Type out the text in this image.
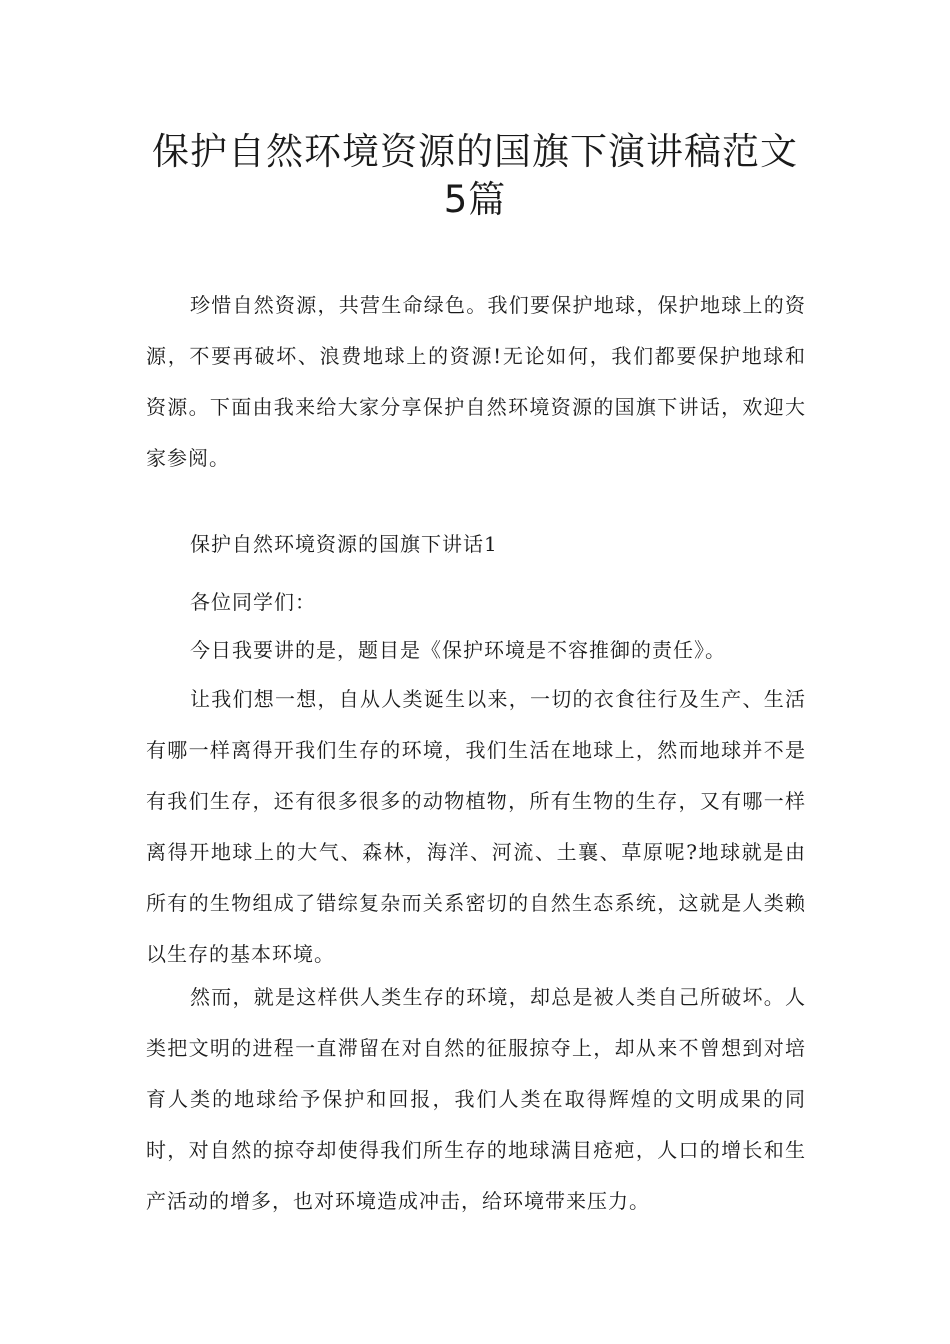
保护自然环境资源的国旗下演讲稿范文
5篇

珍惜自然资源，共营生命绿色。我们要保护地球，保护地球上的资源，不要再破坏、浪费地球上的资源!无论如何，我们都要保护地球和资源。下面由我来给大家分享保护自然环境资源的国旗下讲话，欢迎大家参阅。

保护自然环境资源的国旗下讲话1

各位同学们：

今日我要讲的是，题目是《保护环境是不容推御的责任》。

让我们想一想，自从人类诞生以来，一切的衣食往行及生产、生活有哪一样离得开我们生存的环境，我们生活在地球上，然而地球并不是有我们生存，还有很多很多的动物植物，所有生物的生存，又有哪一样离得开地球上的大气、森林，海洋、河流、土襄、草原呢?地球就是由所有的生物组成了错综复杂而关系密切的自然生态系统，这就是人类赖以生存的基本环境。

然而，就是这样供人类生存的环境，却总是被人类自己所破坏。人类把文明的进程一直滞留在对自然的征服掠夺上，却从来不曾想到对培育人类的地球给予保护和回报，我们人类在取得辉煌的文明成果的同时，对自然的掠夺却使得我们所生存的地球满目疮疤，人口的增长和生产活动的增多，也对环境造成冲击，给环境带来压力。
